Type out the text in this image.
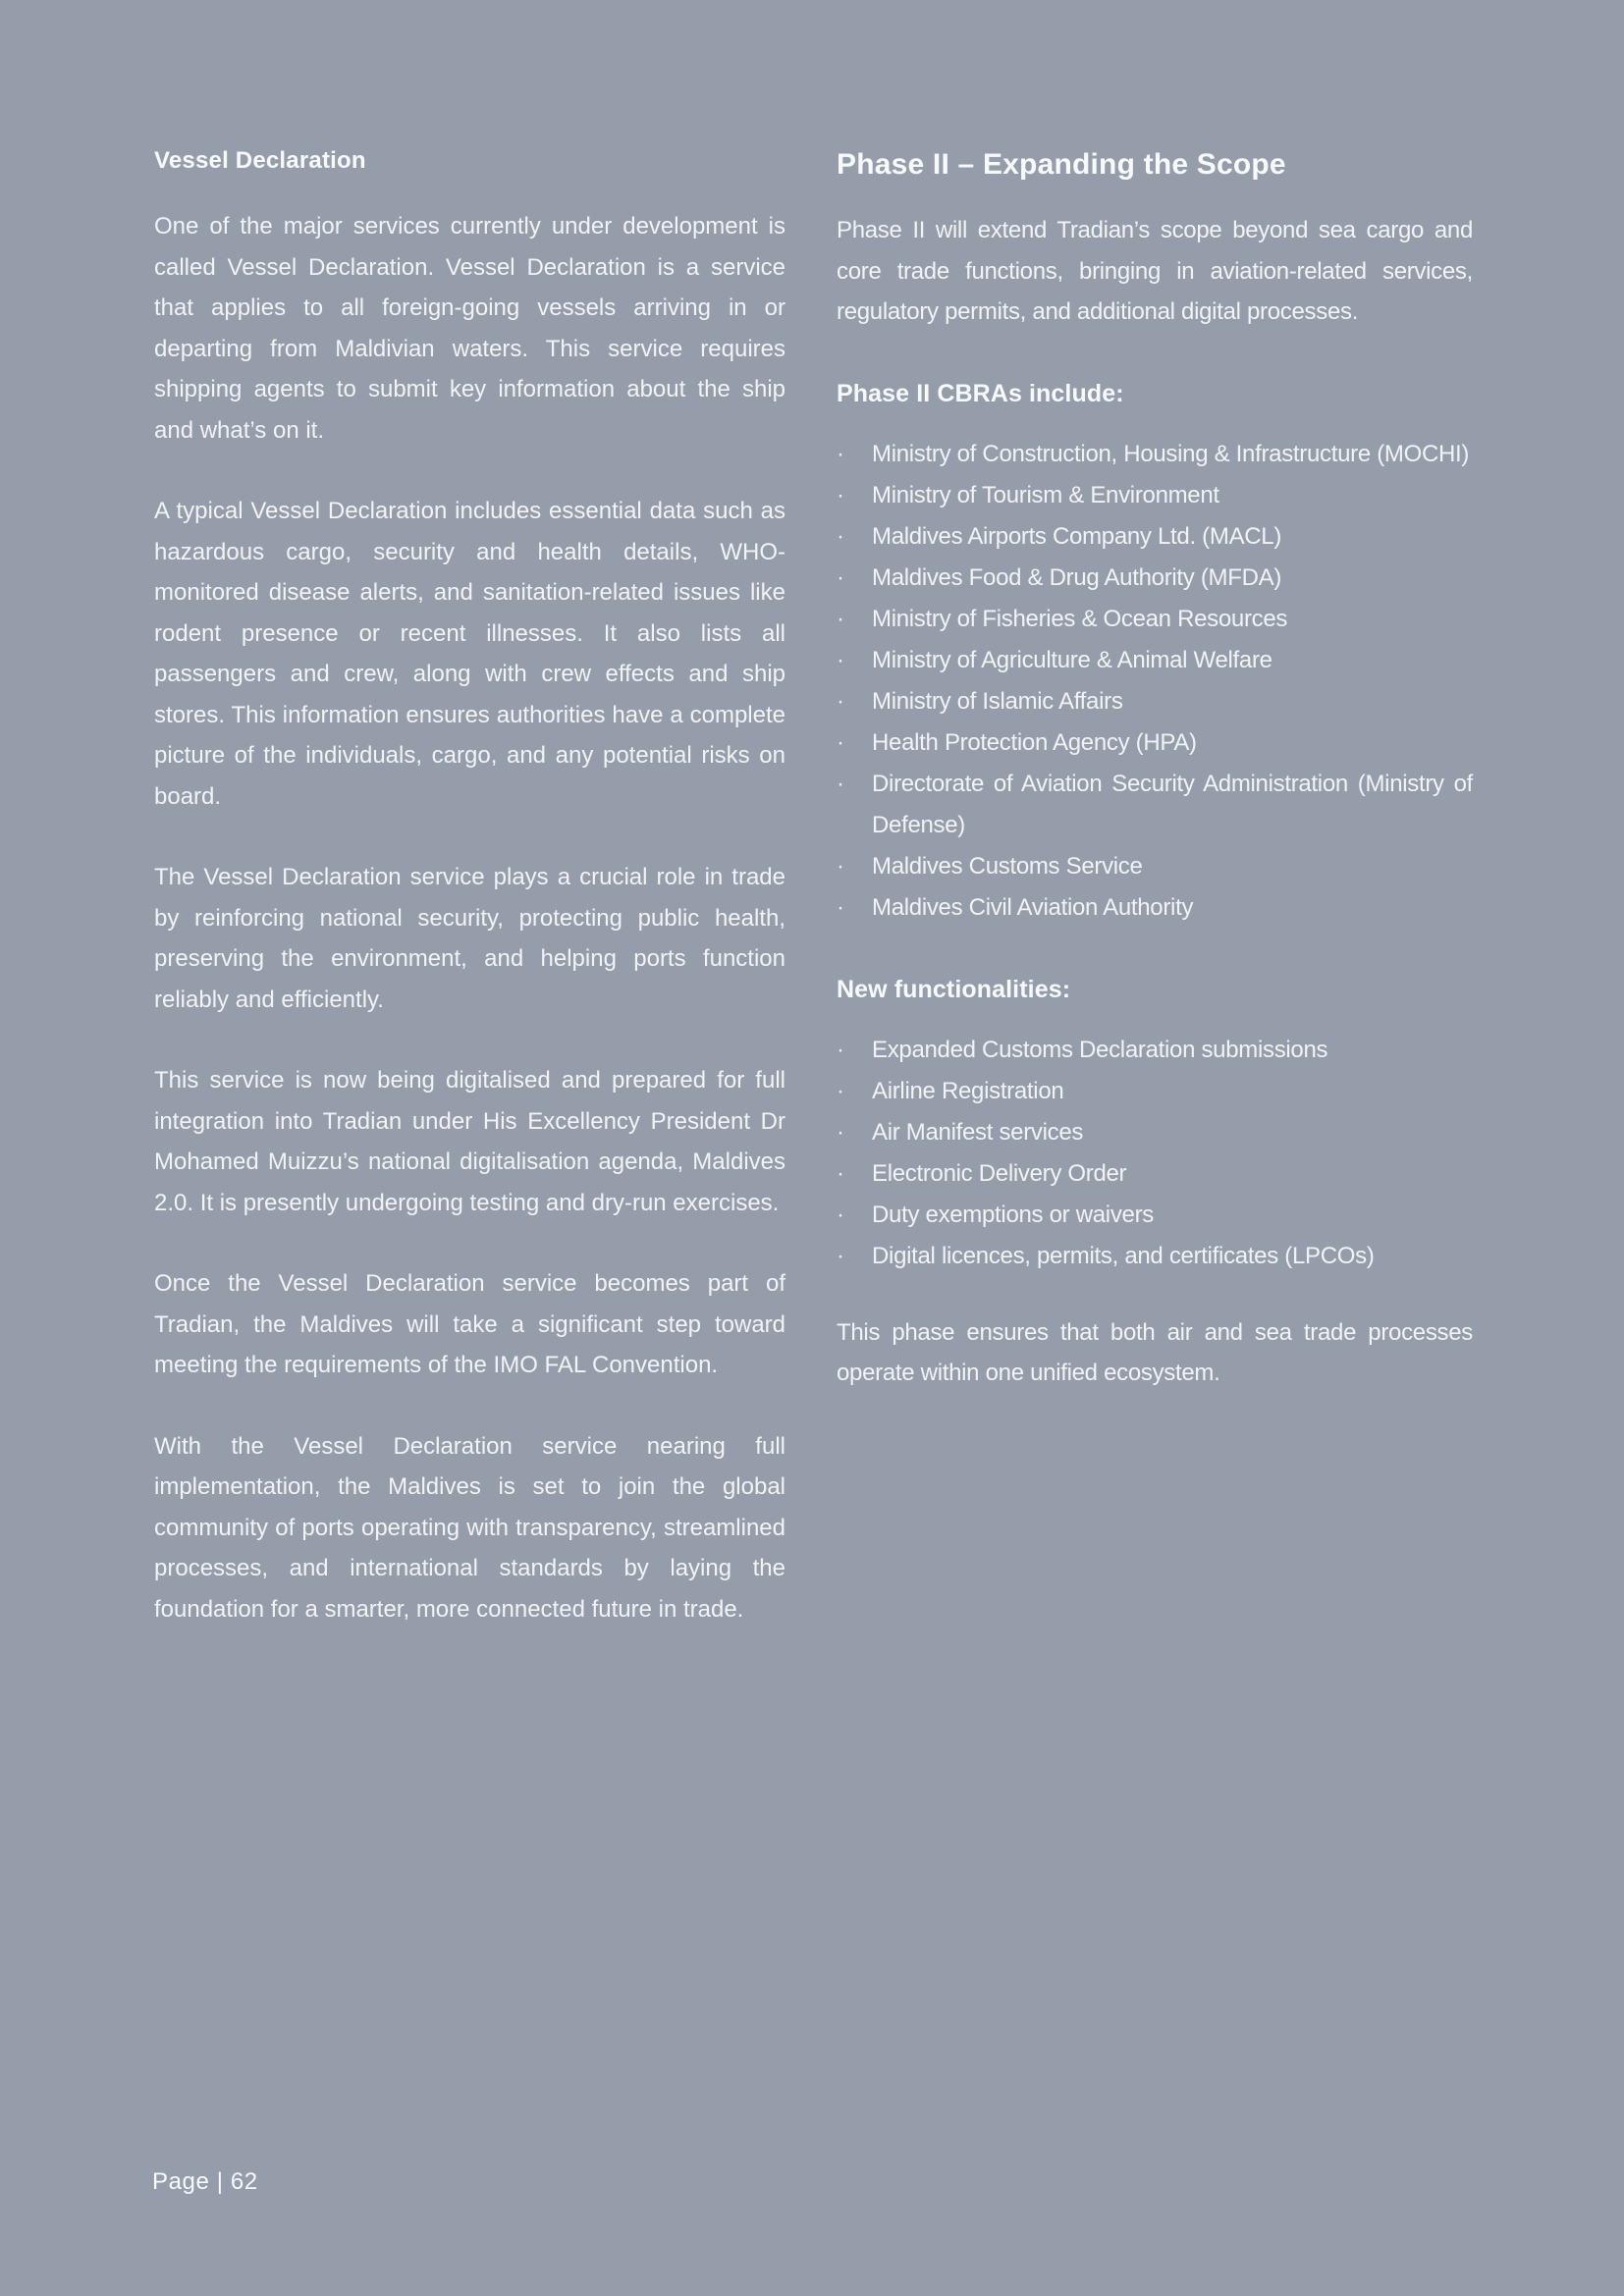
Vessel Declaration

One of the major services currently under development is called Vessel Declaration. Vessel Declaration is a service that applies to all foreign-going vessels arriving in or departing from Maldivian waters. This service requires shipping agents to submit key information about the ship and what’s on it.

A typical Vessel Declaration includes essential data such as hazardous cargo, security and health details, WHO-monitored disease alerts, and sanitation-related issues like rodent presence or recent illnesses. It also lists all passengers and crew, along with crew effects and ship stores. This information ensures authorities have a complete picture of the individuals, cargo, and any potential risks on board.

The Vessel Declaration service plays a crucial role in trade by reinforcing national security, protecting public health, preserving the environment, and helping ports function reliably and efficiently.

This service is now being digitalised and prepared for full integration into Tradian under His Excellency President Dr Mohamed Muizzu’s national digitalisation agenda, Maldives 2.0. It is presently undergoing testing and dry-run exercises.

Once the Vessel Declaration service becomes part of Tradian, the Maldives will take a significant step toward meeting the requirements of the IMO FAL Convention.

With the Vessel Declaration service nearing full implementation, the Maldives is set to join the global community of ports operating with transparency, streamlined processes, and international standards by laying the foundation for a smarter, more connected future in trade.

Phase II – Expanding the Scope

Phase II will extend Tradian’s scope beyond sea cargo and core trade functions, bringing in aviation-related services, regulatory permits, and additional digital processes.

Phase II CBRAs include:
·	Ministry of Construction, Housing & Infrastructure (MOCHI)
·	Ministry of Tourism & Environment
·	Maldives Airports Company Ltd. (MACL)
·	Maldives Food & Drug Authority (MFDA)
·	Ministry of Fisheries & Ocean Resources
·	Ministry of Agriculture & Animal Welfare
·	Ministry of Islamic Affairs
·	Health Protection Agency (HPA)
·	Directorate of Aviation Security Administration (Ministry of Defense)
·	Maldives Customs Service
·	Maldives Civil Aviation Authority
New functionalities:
·	Expanded Customs Declaration submissions
·	Airline Registration
·	Air Manifest services
·	Electronic Delivery Order
·	Duty exemptions or waivers
·	Digital licences, permits, and certificates (LPCOs)

This phase ensures that both air and sea trade processes operate within one unified ecosystem.

Page | 62
